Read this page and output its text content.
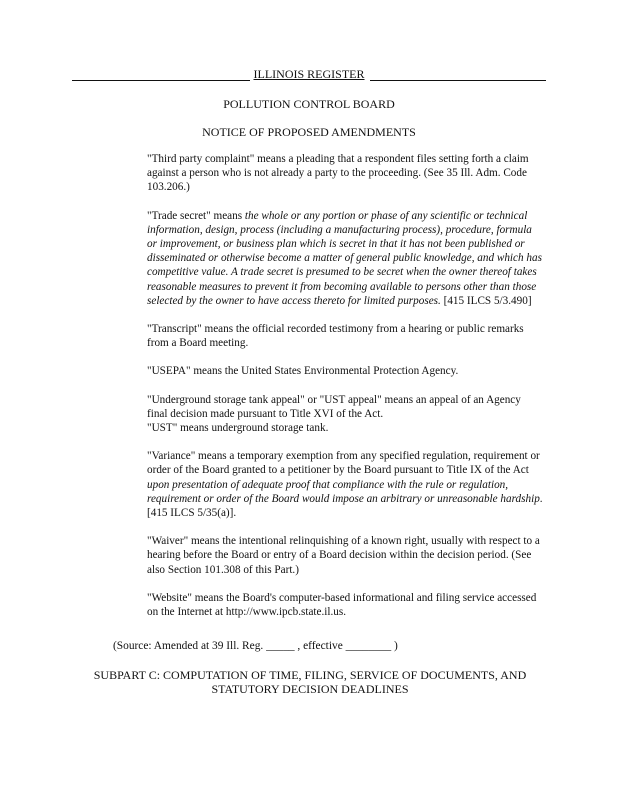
ILLINOIS REGISTER
POLLUTION CONTROL BOARD
NOTICE OF PROPOSED AMENDMENTS

"Third party complaint" means a pleading that a respondent files setting forth a claim against a person who is not already a party to the proceeding. (See 35 Ill. Adm. Code 103.206.)

"Trade secret" means the whole or any portion or phase of any scientific or technical information, design, process (including a manufacturing process), procedure, formula or improvement, or business plan which is secret in that it has not been published or disseminated or otherwise become a matter of general public knowledge, and which has competitive value. A trade secret is presumed to be secret when the owner thereof takes reasonable measures to prevent it from becoming available to persons other than those selected by the owner to have access thereto for limited purposes. [415 ILCS 5/3.490]

"Transcript" means the official recorded testimony from a hearing or public remarks from a Board meeting.

"USEPA" means the United States Environmental Protection Agency.

"Underground storage tank appeal" or "UST appeal" means an appeal of an Agency final decision made pursuant to Title XVI of the Act.
"UST" means underground storage tank.

"Variance" means a temporary exemption from any specified regulation, requirement or order of the Board granted to a petitioner by the Board pursuant to Title IX of the Act upon presentation of adequate proof that compliance with the rule or regulation, requirement or order of the Board would impose an arbitrary or unreasonable hardship. [415 ILCS 5/35(a)].

"Waiver" means the intentional relinquishing of a known right, usually with respect to a hearing before the Board or entry of a Board decision within the decision period. (See also Section 101.308 of this Part.)

"Website" means the Board's computer-based informational and filing service accessed on the Internet at http://www.ipcb.state.il.us.

(Source: Amended at 39 Ill. Reg. _____ , effective ________ )
SUBPART C: COMPUTATION OF TIME, FILING, SERVICE OF DOCUMENTS, AND STATUTORY DECISION DEADLINES
